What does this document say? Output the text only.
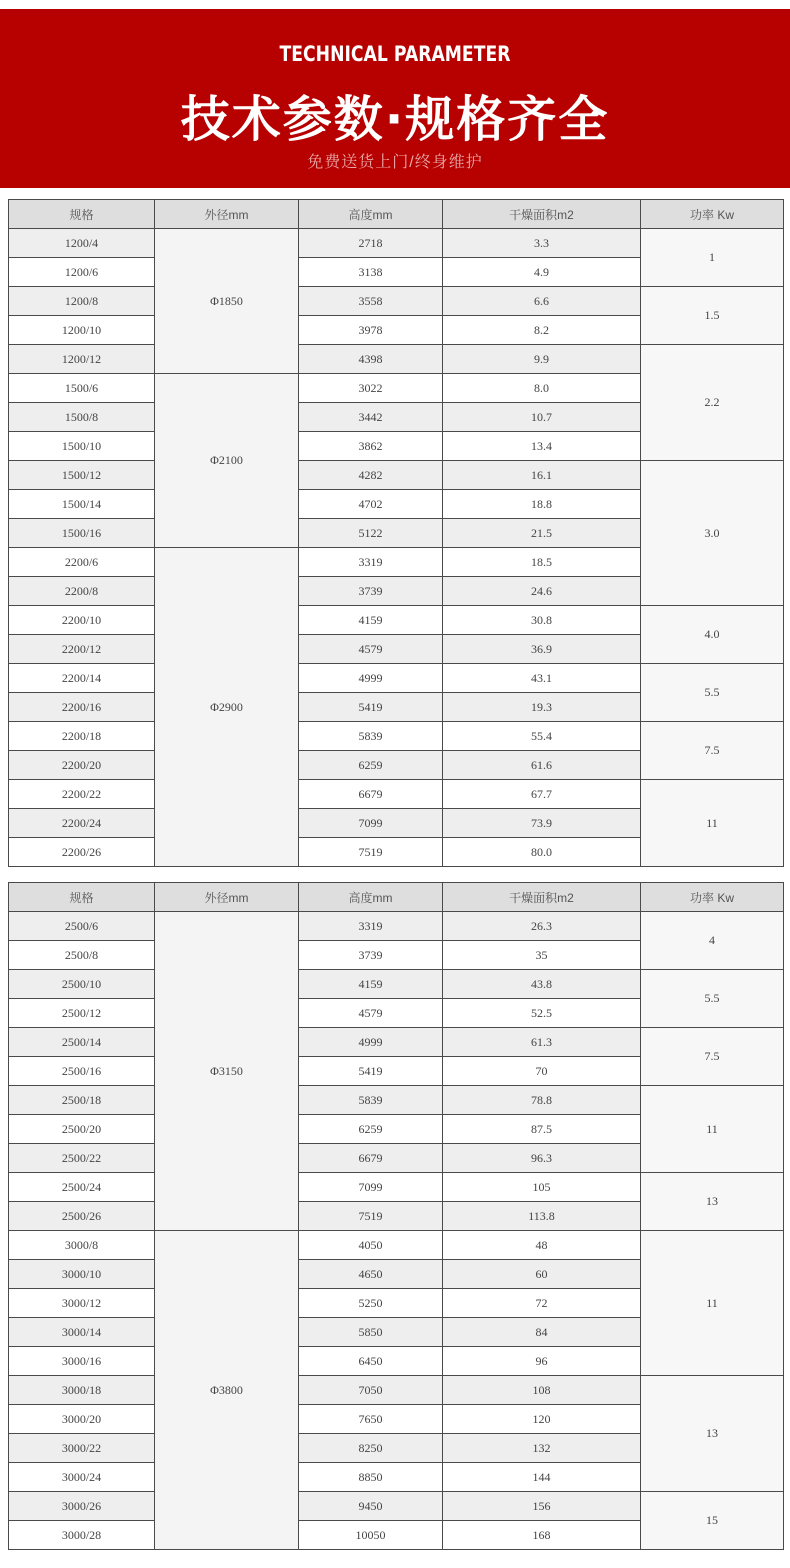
TECHNICAL PARAMETER
技术参数·规格齐全
免费送货上门/终身维护
规格	外径mm	高度mm	干燥面积m2	功率 Kw
1200/4	Φ1850	2718	3.3	1
1200/6		3138	4.9	
1200/8		3558	6.6	1.5
1200/10		3978	8.2	
1200/12		4398	9.9	2.2
1500/6	Φ2100	3022	8.0	
1500/8		3442	10.7	
1500/10		3862	13.4	
1500/12		4282	16.1	3.0
1500/14		4702	18.8	
1500/16		5122	21.5	
2200/6	Φ2900	3319	18.5	
2200/8		3739	24.6	
2200/10		4159	30.8	4.0
2200/12		4579	36.9	
2200/14		4999	43.1	5.5
2200/16		5419	19.3	
2200/18		5839	55.4	7.5
2200/20		6259	61.6	
2200/22		6679	67.7	11
2200/24		7099	73.9	
2200/26		7519	80.0	
规格	外径mm	高度mm	干燥面积m2	功率 Kw
2500/6	Φ3150	3319	26.3	4
2500/8		3739	35	
2500/10		4159	43.8	5.5
2500/12		4579	52.5	
2500/14		4999	61.3	7.5
2500/16		5419	70	
2500/18		5839	78.8	11
2500/20		6259	87.5	
2500/22		6679	96.3	
2500/24		7099	105	13
2500/26		7519	113.8	
3000/8	Φ3800	4050	48	11
3000/10		4650	60	
3000/12		5250	72	
3000/14		5850	84	
3000/16		6450	96	
3000/18		7050	108	13
3000/20		7650	120	
3000/22		8250	132	
3000/24		8850	144	
3000/26		9450	156	15
3000/28		10050	168	
